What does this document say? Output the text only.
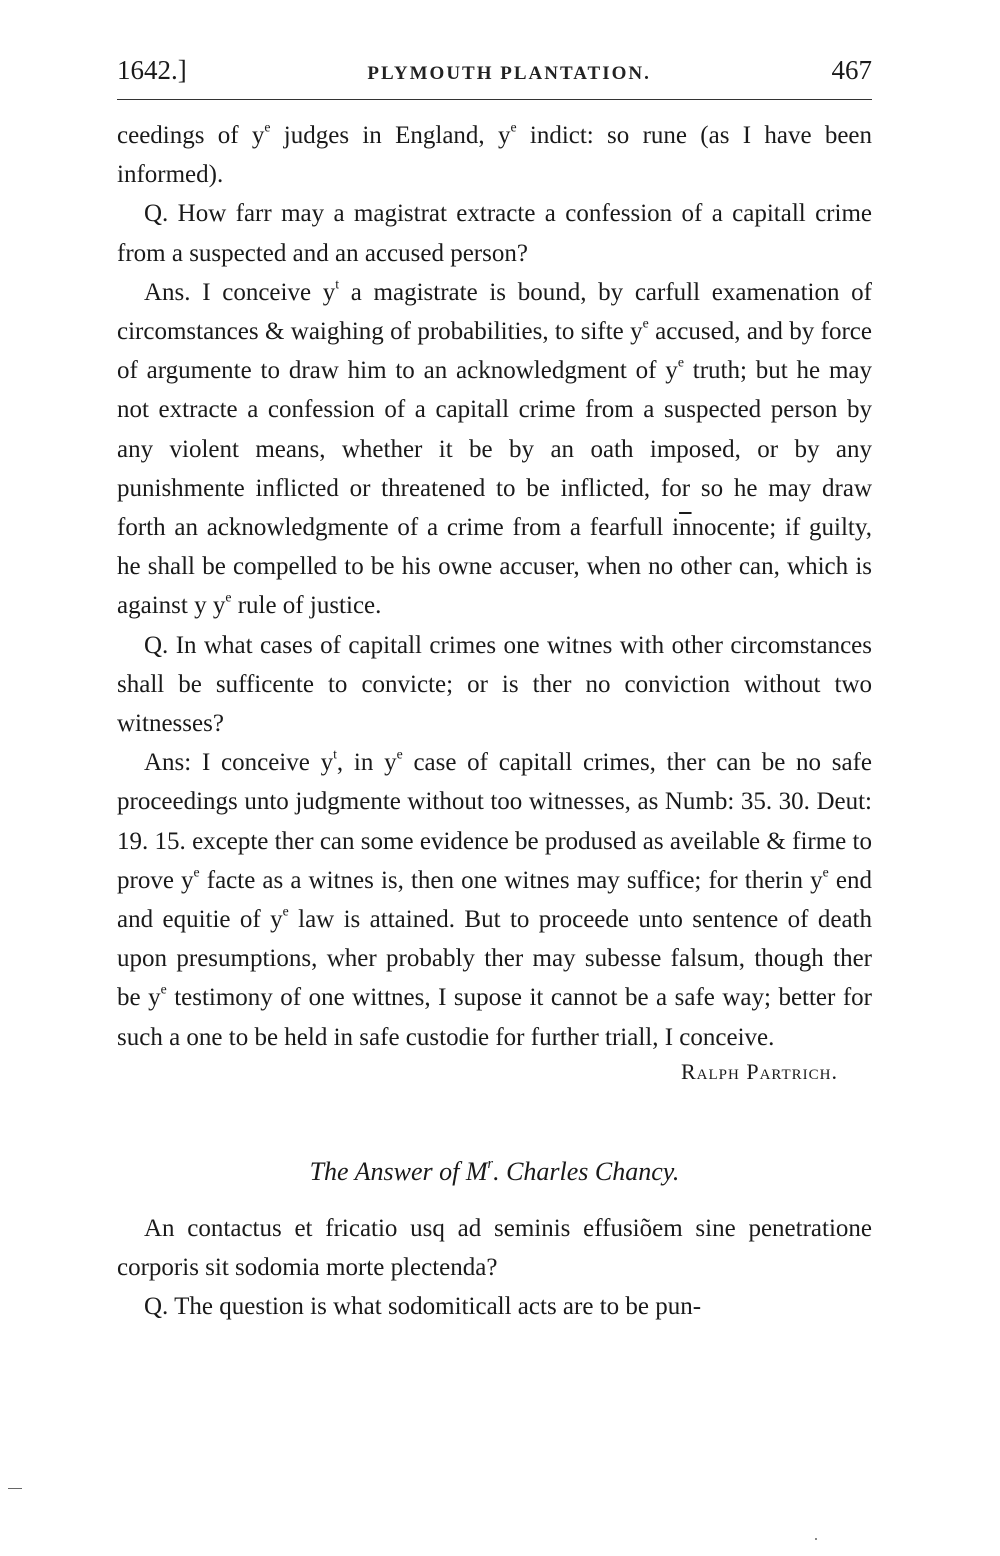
1642.]	PLYMOUTH PLANTATION.	467

ceedings of $y^e$ judges in England, $y^e$ indict: so rune (as I have been informed).

Q. How farr may a magistrat extracte a confession of a capitall crime from a suspected and an accused person?

Ans. I conceive $y^t$ a magistrate is bound, by carfull examenation of circomstances & waighing of probabilities, to sifte $y^e$ accused, and by force of argumente to draw him to an acknowledgment of $y^e$ truth; but he may not extracte a confession of a capitall crime from a suspected person by any violent means, whether it be by an oath imposed, or by any punishmente inflicted or threatened to be inflicted, for so he may draw forth an acknowledgmente of a crime from a fearfull $i\overline{n}nocente$; if guilty, he shall be compelled to be his owne accuser, when no other can, which is against y $y^e$ rule of justice.

Q. In what cases of capitall crimes one witnes with other circomstances shall be sufficente to convicte; or is ther no conviction without two witnesses?

Ans: I conceive $y^t$, in $y^e$ case of capitall crimes, ther can be no safe proceedings unto judgmente without too witnesses, as Numb: 35. 30. Deut: 19. 15. excepte ther can some evidence be prodused as aveilable & firme to prove $y^e$ facte as a witnes is, then one witnes may suffice; for therin $y^e$ end and equitie of $y^e$ law is attained. But to proceede unto sentence of death upon presumptions, wher probably ther may subesse falsum, though ther be $y^e$ testimony of one wittnes, I supose it cannot be a safe way; better for such a one to be held in safe custodie for further triall, I conceive.

Ralph Partrich.
The Answer of $M^r$. Charles Chancy.

An contactus et fricatio usq ad seminis effusiõem sine penetratione corporis sit sodomia morte plectenda?

Q. The question is what sodomiticall acts are to be pun-
